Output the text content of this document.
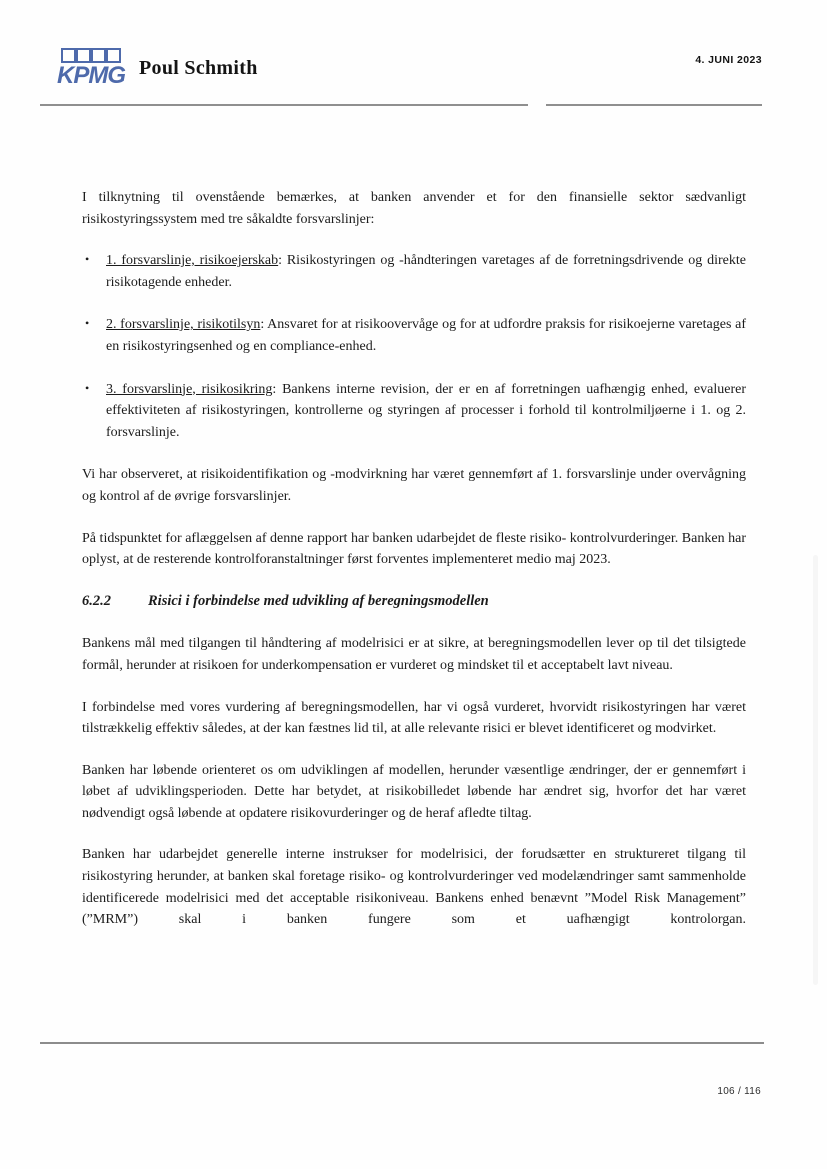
KPMG Poul Schmith	4. JUNI 2023

I tilknytning til ovenstående bemærkes, at banken anvender et for den finansielle sektor sædvanligt risikostyringssystem med tre såkaldte forsvarslinjer:

• 1. forsvarslinje, risikoejerskab: Risikostyringen og -håndteringen varetages af de forretningsdrivende og direkte risikotagende enheder.
• 2. forsvarslinje, risikotilsyn: Ansvaret for at risikoovervåge og for at udfordre praksis for risikoejerne varetages af en risikostyringsenhed og en compliance-enhed.
• 3. forsvarslinje, risikosikring: Bankens interne revision, der er en af forretningen uafhængig enhed, evaluerer effektiviteten af risikostyringen, kontrollerne og styringen af processer i forhold til kontrolmiljøerne i 1. og 2. forsvarslinje.

Vi har observeret, at risikoidentifikation og -modvirkning har været gennemført af 1. forsvarslinje under overvågning og kontrol af de øvrige forsvarslinjer.

På tidspunktet for aflæggelsen af denne rapport har banken udarbejdet de fleste risiko- kontrolvurderinger. Banken har oplyst, at de resterende kontrolforanstaltninger først forventes implementeret medio maj 2023.

6.2.2	Risici i forbindelse med udvikling af beregningsmodellen

Bankens mål med tilgangen til håndtering af modelrisici er at sikre, at beregningsmodellen lever op til det tilsigtede formål, herunder at risikoen for underkompensation er vurderet og mindsket til et acceptabelt lavt niveau.

I forbindelse med vores vurdering af beregningsmodellen, har vi også vurderet, hvorvidt risikostyringen har været tilstrækkelig effektiv således, at der kan fæstnes lid til, at alle relevante risici er blevet identificeret og modvirket.

Banken har løbende orienteret os om udviklingen af modellen, herunder væsentlige ændringer, der er gennemført i løbet af udviklingsperioden. Dette har betydet, at risikobilledet løbende har ændret sig, hvorfor det har været nødvendigt også løbende at opdatere risikovurderinger og de heraf afledte tiltag.

Banken har udarbejdet generelle interne instrukser for modelrisici, der forudsætter en struktureret tilgang til risikostyring herunder, at banken skal foretage risiko- og kontrolvurderinger ved modelændringer samt sammenholde identificerede modelrisici med det acceptable risikoniveau. Bankens enhed benævnt ”Model Risk Management” (”MRM”) skal i banken fungere som et uafhængigt kontrolorgan.

106 / 116
